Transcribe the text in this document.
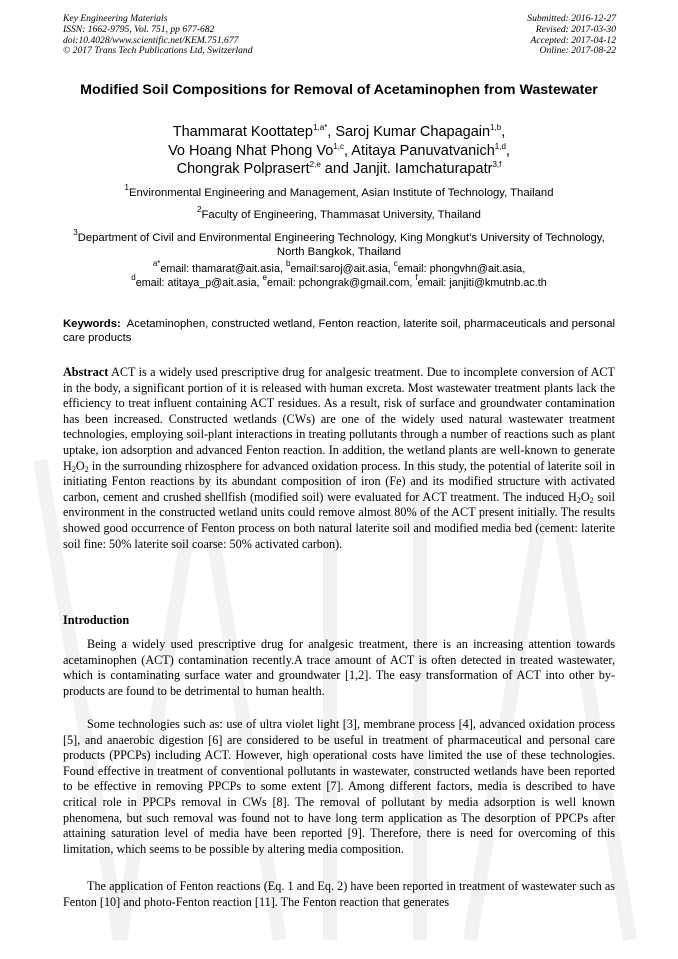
Key Engineering Materials
ISSN: 1662-9795, Vol. 751, pp 677-682
doi:10.4028/www.scientific.net/KEM.751.677
© 2017 Trans Tech Publications Ltd, Switzerland
Submitted: 2016-12-27
Revised: 2017-03-30
Accepted: 2017-04-12
Online: 2017-08-22
Modified Soil Compositions for Removal of Acetaminophen from Wastewater
Thammarat Koottatep$^{1,a*}$, Saroj Kumar Chapagain$^{1,b}$,
Vo Hoang Nhat Phong Vo$^{1,c}$, Atitaya Panuvatvanich$^{1,d}$,
Chongrak Polprasert$^{2,e}$ and Janjit. Iamchaturapatr$^{3,f}$
$^1$Environmental Engineering and Management, Asian Institute of Technology, Thailand
$^2$Faculty of Engineering, Thammasat University, Thailand
$^3$Department of Civil and Environmental Engineering Technology, King Mongkut’s University of Technology, North Bangkok, Thailand
$^{a*}$email: thamarat@ait.asia, $^b$email:saroj@ait.asia, $^c$email: phongvhn@ait.asia,
$^d$email: atitaya_p@ait.asia, $^e$email: pchongrak@gmail.com, $^f$email: janjiti@kmutnb.ac.th
Keywords: Acetaminophen, constructed wetland, Fenton reaction, laterite soil, pharmaceuticals and personal care products
Abstract ACT is a widely used prescriptive drug for analgesic treatment. Due to incomplete conversion of ACT in the body, a significant portion of it is released with human excreta. Most wastewater treatment plants lack the efficiency to treat influent containing ACT residues. As a result, risk of surface and groundwater contamination has been increased. Constructed wetlands (CWs) are one of the widely used natural wastewater treatment technologies, employing soil-plant interactions in treating pollutants through a number of reactions such as plant uptake, ion adsorption and advanced Fenton reaction. In addition, the wetland plants are well-known to generate $H_2O_2$ in the surrounding rhizosphere for advanced oxidation process. In this study, the potential of laterite soil in initiating Fenton reactions by its abundant composition of iron (Fe) and its modified structure with activated carbon, cement and crushed shellfish (modified soil) were evaluated for ACT treatment. The induced $H_2O_2$ soil environment in the constructed wetland units could remove almost 80% of the ACT present initially. The results showed good occurrence of Fenton process on both natural laterite soil and modified media bed (cement: laterite soil fine: 50% laterite soil coarse: 50% activated carbon).
Introduction

Being a widely used prescriptive drug for analgesic treatment, there is an increasing attention towards acetaminophen (ACT) contamination recently.A trace amount of ACT is often detected in treated wastewater, which is contaminating surface water and groundwater [1,2]. The easy transformation of ACT into other by-products are found to be detrimental to human health.

Some technologies such as: use of ultra violet light [3], membrane process [4], advanced oxidation process [5], and anaerobic digestion [6] are considered to be useful in treatment of pharmaceutical and personal care products (PPCPs) including ACT. However, high operational costs have limited the use of these technologies. Found effective in treatment of conventional pollutants in wastewater, constructed wetlands have been reported to be effective in removing PPCPs to some extent [7]. Among different factors, media is described to have critical role in PPCPs removal in CWs [8]. The removal of pollutant by media adsorption is well known phenomena, but such removal was found not to have long term application as The desorption of PPCPs after attaining saturation level of media have been reported [9]. Therefore, there is need for overcoming of this limitation, which seems to be possible by altering media composition.

The application of Fenton reactions (Eq. 1 and Eq. 2) have been reported in treatment of wastewater such as Fenton [10] and photo-Fenton reaction [11]. The Fenton reaction that generates
